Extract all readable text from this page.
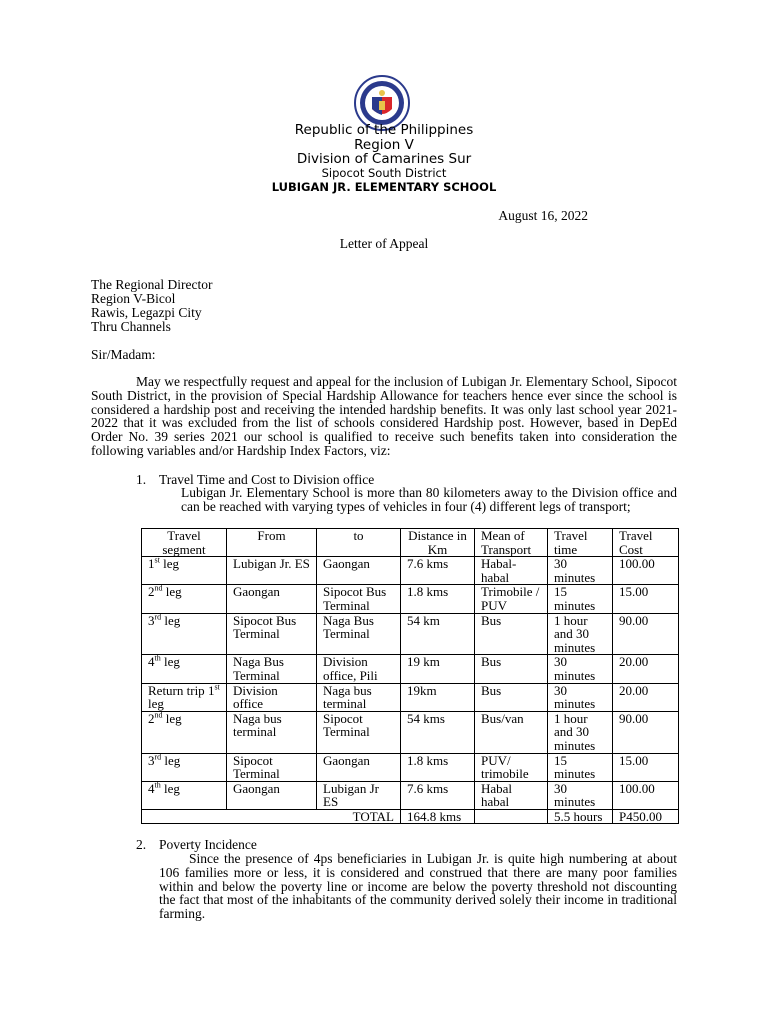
Republic of the Philippines
Region V
Division of Camarines Sur
Sipocot South District
LUBIGAN JR. ELEMENTARY SCHOOL
August 16, 2022
Letter of Appeal
The Regional Director
Region V-Bicol
Rawis, Legazpi City
Thru Channels
Sir/Madam:
May we respectfully request and appeal for the inclusion of Lubigan Jr. Elementary School, Sipocot South District, in the provision of Special Hardship Allowance for teachers hence ever since the school is considered a hardship post and receiving the intended hardship benefits. It was only last school year 2021-2022 that it was excluded from the list of schools considered Hardship post. However, based in DepEd Order No. 39 series 2021 our school is qualified to receive such benefits taken into consideration the following variables and/or Hardship Index Factors, viz:
1. Travel Time and Cost to Division office
Lubigan Jr. Elementary School is more than 80 kilometers away to the Division office and can be reached with varying types of vehicles in four (4) different legs of transport;
Travel segment	From	to	Distance in Km	Mean of Transport	Travel time	Travel Cost
1st leg	Lubigan Jr. ES	Gaongan	7.6 kms	Habal-habal	30 minutes	100.00
2nd leg	Gaongan	Sipocot Bus Terminal	1.8 kms	Trimobile / PUV	15 minutes	15.00
3rd leg	Sipocot Bus Terminal	Naga Bus Terminal	54 km	Bus	1 hour and 30 minutes	90.00
4th leg	Naga Bus Terminal	Division office, Pili	19 km	Bus	30 minutes	20.00
Return trip 1st leg	Division office	Naga bus terminal	19km	Bus	30 minutes	20.00
2nd leg	Naga bus terminal	Sipocot Terminal	54 kms	Bus/van	1 hour and 30 minutes	90.00
3rd leg	Sipocot Terminal	Gaongan	1.8 kms	PUV/ trimobile	15 minutes	15.00
4th leg	Gaongan	Lubigan Jr ES	7.6 kms	Habal habal	30 minutes	100.00
TOTAL			164.8 kms		5.5 hours	P450.00
2. Poverty Incidence
Since the presence of 4ps beneficiaries in Lubigan Jr. is quite high numbering at about 106 families more or less, it is considered and construed that there are many poor families within and below the poverty line or income are below the poverty threshold not discounting the fact that most of the inhabitants of the community derived solely their income in traditional farming.
